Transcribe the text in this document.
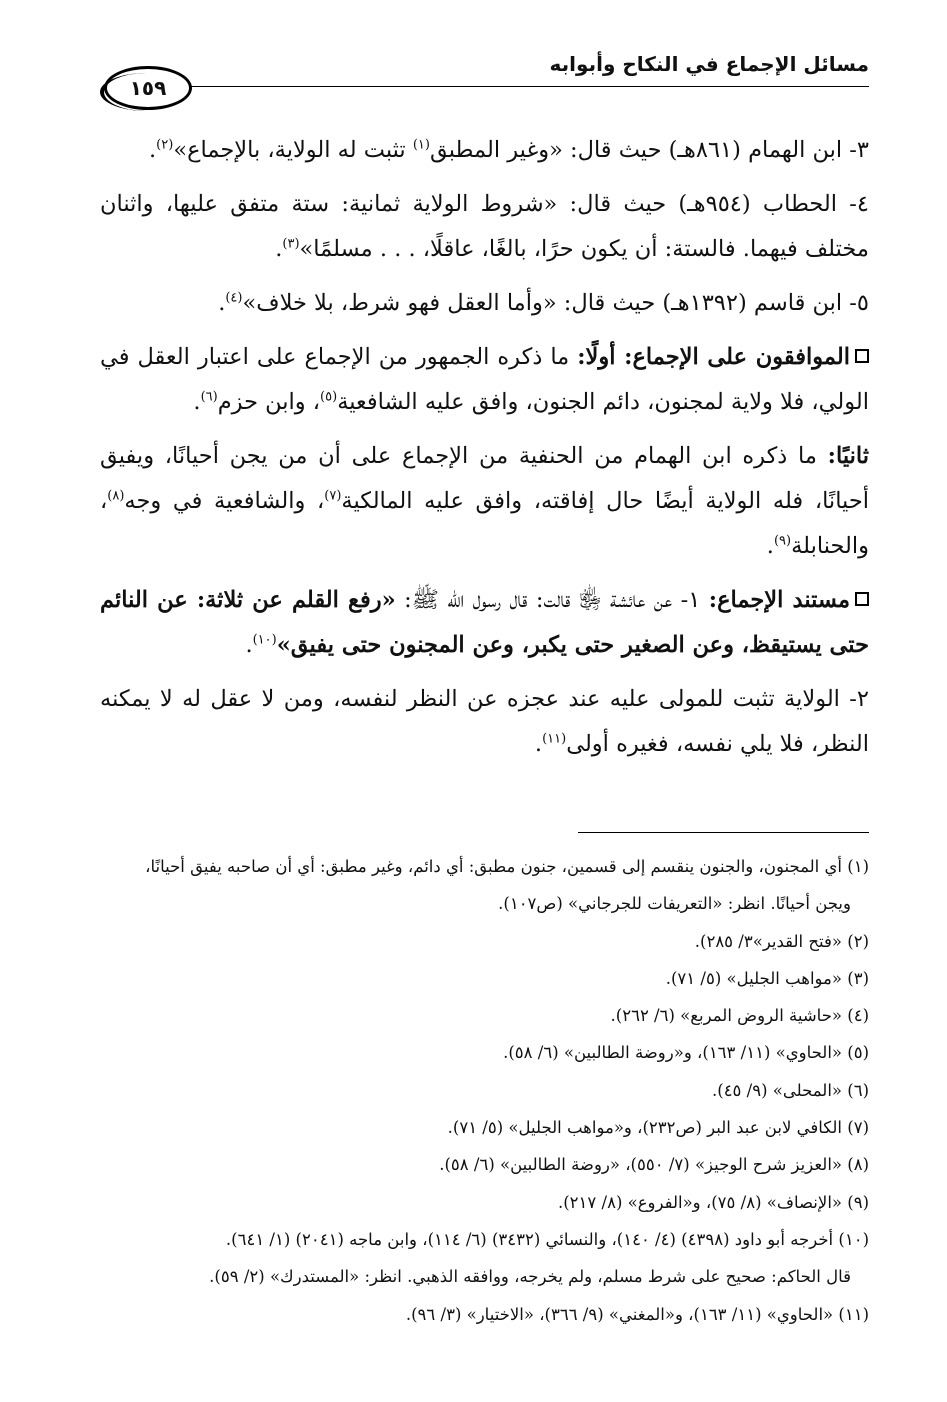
مسائل الإجماع في النكاح وأبوابه
١٥٩

٣- ابن الهمام (٨٦١هـ) حيث قال: «وغير المطبق$^{(١)}$ تثبت له الولاية، بالإجماع»$^{(٢)}$.

٤- الحطاب (٩٥٤هـ) حيث قال: «شروط الولاية ثمانية: ستة متفق عليها، واثنان مختلف فيهما. فالستة: أن يكون حرًا، بالغًا، عاقلًا، . . . مسلمًا»$^{(٣)}$.

٥- ابن قاسم (١٣٩٢هـ) حيث قال: «وأما العقل فهو شرط، بلا خلاف»$^{(٤)}$.

الموافقون على الإجماع: أولًا: ما ذكره الجمهور من الإجماع على اعتبار العقل في الولي، فلا ولاية لمجنون، دائم الجنون، وافق عليه الشافعية$^{(٥)}$، وابن حزم$^{(٦)}$.

ثانيًا: ما ذكره ابن الهمام من الحنفية من الإجماع على أن من يجن أحيانًا، ويفيق أحيانًا، فله الولاية أيضًا حال إفاقته، وافق عليه المالكية$^{(٧)}$، والشافعية في وجه$^{(٨)}$، والحنابلة$^{(٩)}$.

مستند الإجماع: ١- عن عائشة ﵂ قالت: قال رسول الله ﷺ: «رفع القلم عن ثلاثة: عن النائم حتى يستيقظ، وعن الصغير حتى يكبر، وعن المجنون حتى يفيق»$^{(١٠)}$.

٢- الولاية تثبت للمولى عليه عند عجزه عن النظر لنفسه، ومن لا عقل له لا يمكنه النظر، فلا يلي نفسه، فغيره أولى$^{(١١)}$.

(١) أي المجنون، والجنون ينقسم إلى قسمين، جنون مطبق: أي دائم، وغير مطبق: أي أن صاحبه يفيق أحيانًا،

ويجن أحيانًا. انظر: «التعريفات للجرجاني» (ص١٠٧).

(٢) «فتح القدير»٣/ ٢٨٥).

(٣) «مواهب الجليل» (٥/ ٧١).

(٤) «حاشية الروض المربع» (٦/ ٢٦٢).

(٥) «الحاوي» (١١/ ١٦٣)، و«روضة الطالبين» (٦/ ٥٨).

(٦) «المحلى» (٩/ ٤٥).

(٧) الكافي لابن عبد البر (ص٢٣٢)، و«مواهب الجليل» (٥/ ٧١).

(٨) «العزيز شرح الوجيز» (٧/ ٥٥٠)، «روضة الطالبين» (٦/ ٥٨).

(٩) «الإنصاف» (٨/ ٧٥)، و«الفروع» (٨/ ٢١٧).

(١٠) أخرجه أبو داود (٤٣٩٨) (٤/ ١٤٠)، والنسائي (٣٤٣٢) (٦/ ١١٤)، وابن ماجه (٢٠٤١) (١/ ٦٤١).

قال الحاكم: صحيح على شرط مسلم، ولم يخرجه، ووافقه الذهبي. انظر: «المستدرك» (٢/ ٥٩).

(١١) «الحاوي» (١١/ ١٦٣)، و«المغني» (٩/ ٣٦٦)، «الاختيار» (٣/ ٩٦).
